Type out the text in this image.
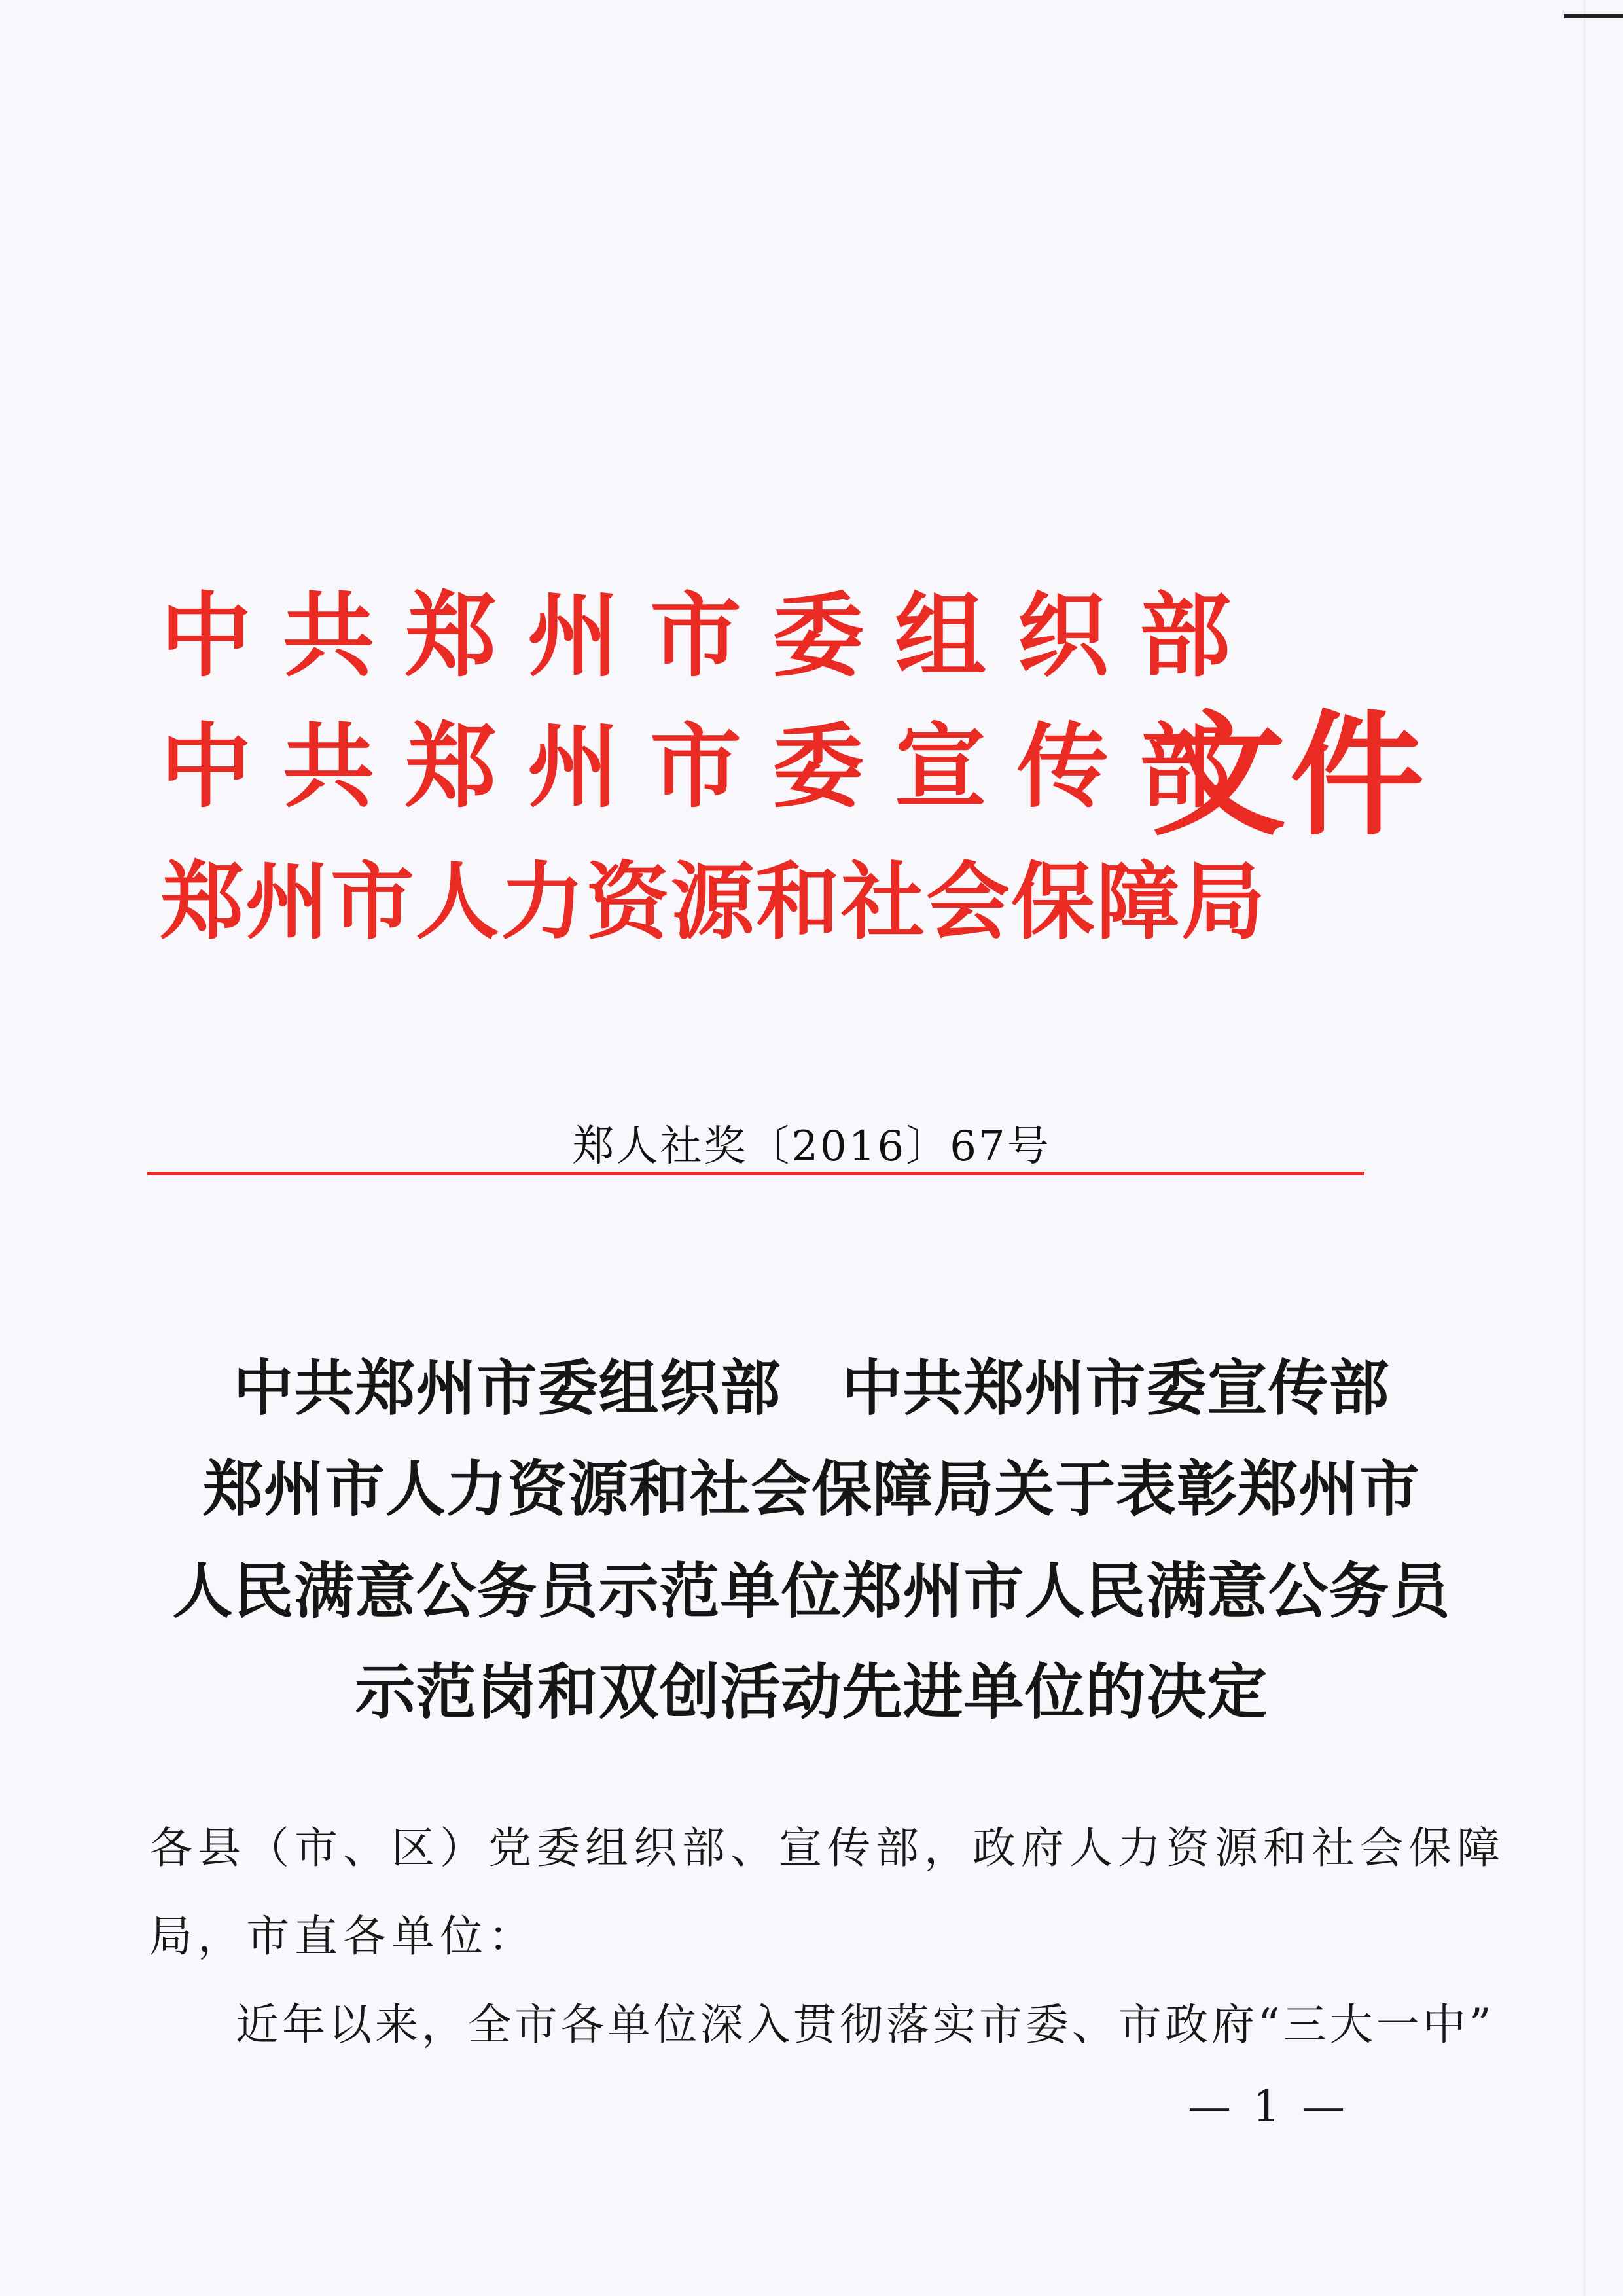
中共郑州市委组织部
中共郑州市委宣传部
郑州市人力资源和社会保障局
文件
郑人社奖〔2016〕67号
中共郑州市委组织部　中共郑州市委宣传部
郑州市人力资源和社会保障局关于表彰郑州市
人民满意公务员示范单位郑州市人民满意公务员
示范岗和双创活动先进单位的决定
各县（市、区）党委组织部、宣传部，政府人力资源和社会保障
局，市直各单位：
近年以来，全市各单位深入贯彻落实市委、市政府“三大一中”
— 1 —
